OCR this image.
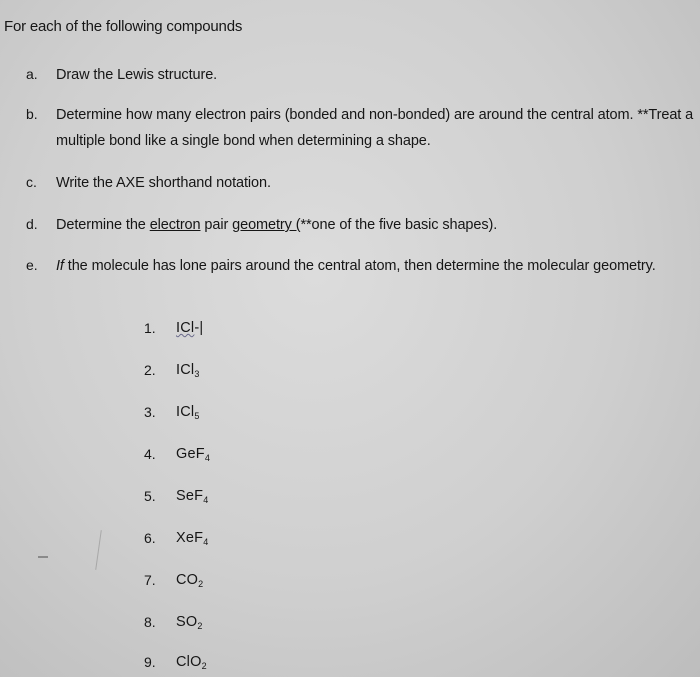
For each of the following compounds
a. Draw the Lewis structure.
b. Determine how many electron pairs (bonded and non-bonded) are around the central atom. **Treat a multiple bond like a single bond when determining a shape.
c. Write the AXE shorthand notation.
d. Determine the electron pair geometry (**one of the five basic shapes).
e. If the molecule has lone pairs around the central atom, then determine the molecular geometry.
1. ICl-|
2. ICl$_3$
3. ICl$_5$
4. GeF$_4$
5. SeF$_4$
6. XeF$_4$
7. $CO_2$
8. $SO_2$
9. ClO$_2$
